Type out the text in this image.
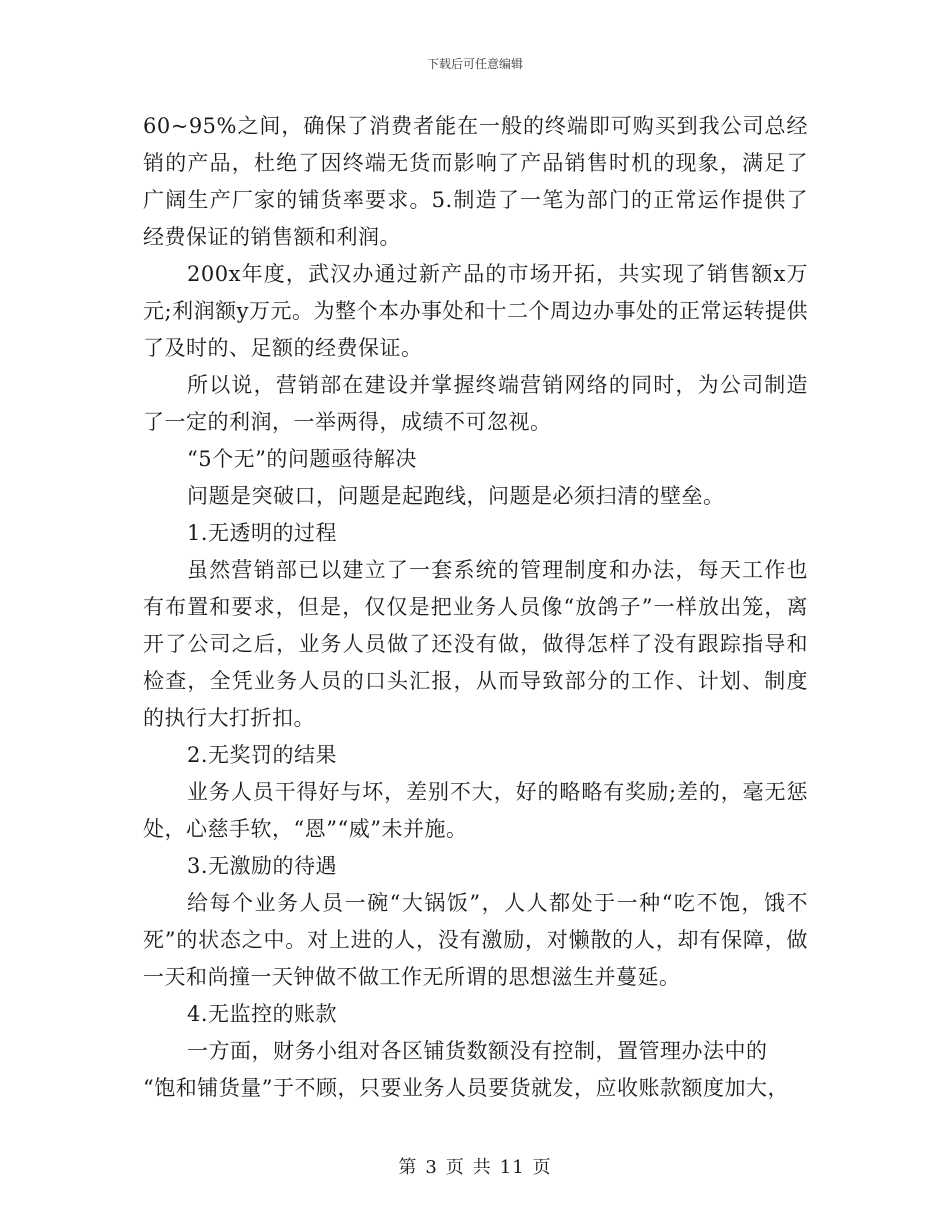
下载后可任意编辑

60~95%之间，确保了消费者能在一般的终端即可购买到我公司总经销的产品，杜绝了因终端无货而影响了产品销售时机的现象，满足了广阔生产厂家的铺货率要求。5.制造了一笔为部门的正常运作提供了经费保证的销售额和利润。

200x年度，武汉办通过新产品的市场开拓，共实现了销售额x万元;利润额y万元。为整个本办事处和十二个周边办事处的正常运转提供了及时的、足额的经费保证。

所以说，营销部在建设并掌握终端营销网络的同时，为公司制造了一定的利润，一举两得，成绩不可忽视。

“5个无”的问题亟待解决

问题是突破口，问题是起跑线，问题是必须扫清的壁垒。

1.无透明的过程

虽然营销部已以建立了一套系统的管理制度和办法，每天工作也有布置和要求，但是，仅仅是把业务人员像“放鸽子”一样放出笼，离开了公司之后，业务人员做了还没有做，做得怎样了没有跟踪指导和检查，全凭业务人员的口头汇报，从而导致部分的工作、计划、制度的执行大打折扣。

2.无奖罚的结果

业务人员干得好与坏，差别不大，好的略略有奖励;差的，毫无惩处，心慈手软，“恩”“威”未并施。

3.无激励的待遇

给每个业务人员一碗“大锅饭”，人人都处于一种“吃不饱，饿不死”的状态之中。对上进的人，没有激励，对懒散的人，却有保障，做一天和尚撞一天钟做不做工作无所谓的思想滋生并蔓延。

4.无监控的账款

一方面，财务小组对各区铺货数额没有控制，置管理办法中的

“饱和铺货量”于不顾，只要业务人员要货就发，应收账款额度加大，

第 3 页 共 11 页
